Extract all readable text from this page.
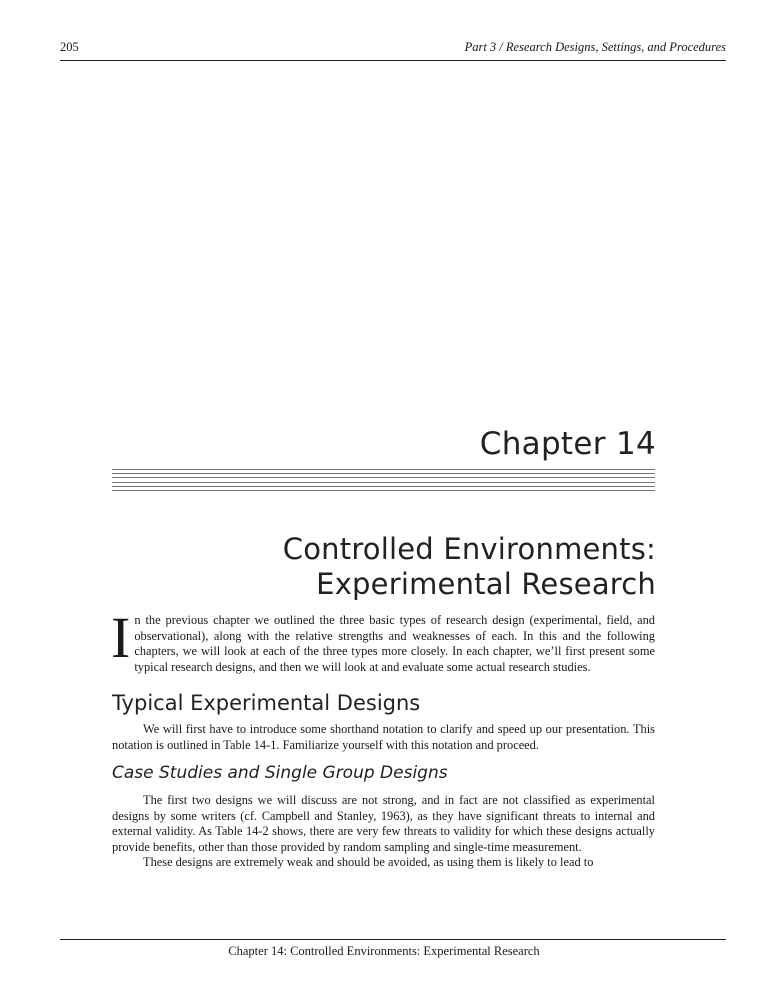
205	Part 3 / Research Designs, Settings, and Procedures
Chapter 14
Controlled Environments:
Experimental Research
In the previous chapter we outlined the three basic types of research design (experimental, field, and observational), along with the relative strengths and weaknesses of each. In this and the following chapters, we will look at each of the three types more closely. In each chapter, we’ll first present some typical research designs, and then we will look at and evaluate some actual research studies.
Typical Experimental Designs

We will first have to introduce some shorthand notation to clarify and speed up our presentation. This notation is outlined in Table 14-1. Familiarize yourself with this notation and proceed.

Case Studies and Single Group Designs

The first two designs we will discuss are not strong, and in fact are not classified as experimental designs by some writers (cf. Campbell and Stanley, 1963), as they have significant threats to internal and external validity. As Table 14-2 shows, there are very few threats to validity for which these designs actually provide benefits, other than those provided by random sampling and single-time measurement.

These designs are extremely weak and should be avoided, as using them is likely to lead to

Chapter 14: Controlled Environments: Experimental Research
